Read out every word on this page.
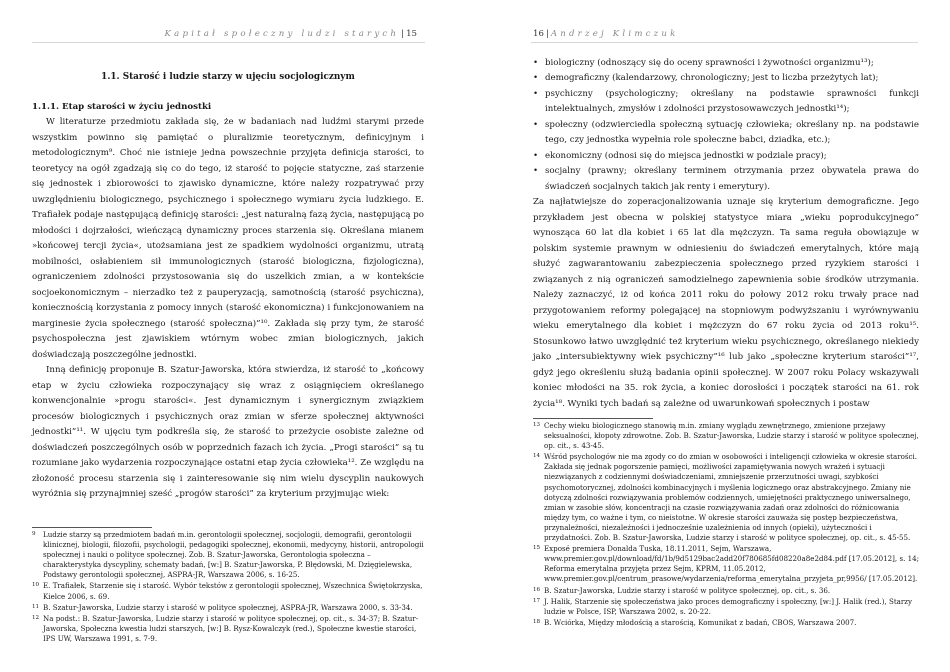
Kapitał społeczny ludzi starych | 15
1.1. Starość i ludzie starzy w ujęciu socjologicznym
1.1.1. Etap starości w życiu jednostki

W literaturze przedmiotu zakłada się, że w badaniach nad ludźmi starymi przede wszystkim powinno się pamiętać o pluralizmie teoretycznym, definicyjnym i metodologicznym⁹. Choć nie istnieje jedna powszechnie przyjęta definicja starości, to teoretycy na ogół zgadzają się co do tego, iż starość to pojęcie statyczne, zaś starzenie się jednostek i zbiorowości to zjawisko dynamiczne, które należy rozpatrywać przy uwzględnieniu biologicznego, psychicznego i społecznego wymiaru życia ludzkiego. E. Trafiałek podaje następującą definicję starości: „jest naturalną fazą życia, następującą po młodości i dojrzałości, wieńczącą dynamiczny proces starzenia się. Określana mianem »końcowej tercji życia«, utożsamiana jest ze spadkiem wydolności organizmu, utratą mobilności, osłabieniem sił immunologicznych (starość biologiczna, fizjologiczna), ograniczeniem zdolności przystosowania się do uszelkich zmian, a w kontekście socjoekonomicznym – nierzadko też z pauperyzacją, samotnością (starość psychiczna), koniecznością korzystania z pomocy innych (starość ekonomiczna) i funkcjonowaniem na marginesie życia społecznego (starość społeczna)”¹⁰. Zakłada się przy tym, że starość psychospołeczna jest zjawiskiem wtórnym wobec zmian biologicznych, jakich doświadczają poszczególne jednostki.

Inną definicję proponuje B. Szatur-Jaworska, która stwierdza, iż starość to „końcowy etap w życiu człowieka rozpoczynający się wraz z osiągnięciem określanego konwencjonalnie »progu starości«. Jest dynamicznym i synergicznym związkiem procesów biologicznych i psychicznych oraz zmian w sferze społecznej aktywności jednostki”¹¹. W ujęciu tym podkreśla się, że starość to przeżycie osobiste zależne od doświadczeń poszczególnych osób w poprzednich fazach ich życia. „Progi starości” są tu rozumiane jako wydarzenia rozpoczynające ostatni etap życia człowieka¹². Ze względu na złożoność procesu starzenia się i zainteresowanie się nim wielu dyscyplin naukowych wyróżnia się przynajmniej sześć „progów starości” za kryterium przyjmując wiek:

9 Ludzie starzy są przedmiotem badań m.in. gerontologii społecznej, socjologii, demografii, gerontologii klinicznej, biologii, filozofii, psychologii, pedagogiki społecznej, ekonomii, medycyny, historii, antropologii społecznej i nauki o polityce społecznej. Zob. B. Szatur-Jaworska, Gerontologia społeczna – charakterystyka dyscypliny, schematy badań, [w:] B. Szatur-Jaworska, P. Błędowski, M. Dzięgielewska, Podstawy gerontologii społecznej, ASPRA-JR, Warszawa 2006, s. 16-25.
10 E. Trafiałek, Starzenie się i starość. Wybór tekstów z gerontologii społecznej, Wszechnica Świętokrzyska, Kielce 2006, s. 69.
11 B. Szatur-Jaworska, Ludzie starzy i starość w polityce społecznej, ASPRA-JR, Warszawa 2000, s. 33-34.
12 Na podst.: B. Szatur-Jaworska, Ludzie starzy i starość w polityce społecznej, op. cit., s. 34-37; B. Szatur-Jaworska, Społeczna kwestia ludzi starszych, [w:] B. Rysz-Kowalczyk (red.), Społeczne kwestie starości, IPS UW, Warszawa 1991, s. 7-9.
16 | Andrzej Klimczuk
• biologiczny (odnoszący się do oceny sprawności i żywotności organizmu¹³);
• demograficzny (kalendarzowy, chronologiczny; jest to liczba przeżytych lat);
• psychiczny (psychologiczny; określany na podstawie sprawności funkcji intelektualnych, zmysłów i zdolności przystosowawczych jednostki¹⁴);
• społeczny (odzwierciedla społeczną sytuację człowieka; określany np. na podstawie tego, czy jednostka wypełnia role społeczne babci, dziadka, etc.);
• ekonomiczny (odnosi się do miejsca jednostki w podziale pracy);
• socjalny (prawny; określany terminem otrzymania przez obywatela prawa do świadczeń socjalnych takich jak renty i emerytury).

Za najłatwiejsze do zoperacjonalizowania uznaje się kryterium demograficzne. Jego przykładem jest obecna w polskiej statystyce miara „wieku poprodukcyjnego” wynosząca 60 lat dla kobiet i 65 lat dla mężczyzn. Ta sama reguła obowiązuje w polskim systemie prawnym w odniesieniu do świadczeń emerytalnych, które mają służyć zagwarantowaniu zabezpieczenia społecznego przed ryzykiem starości i związanych z nią ograniczeń samodzielnego zapewnienia sobie środków utrzymania. Należy zaznaczyć, iż od końca 2011 roku do połowy 2012 roku trwały prace nad przygotowaniem reformy polegającej na stopniowym podwyższaniu i wyrównywaniu wieku emerytalnego dla kobiet i mężczyzn do 67 roku życia od 2013 roku¹⁵. Stosunkowo łatwo uwzględnić też kryterium wieku psychicznego, określanego niekiedy jako „intersubiektywny wiek psychiczny”¹⁶ lub jako „społeczne kryterium starości”¹⁷, gdyż jego określeniu służą badania opinii społecznej. W 2007 roku Polacy wskazywali koniec młodości na 35. rok życia, a koniec dorosłości i początek starości na 61. rok życia¹⁸. Wyniki tych badań są zależne od uwarunkowań społecznych i postaw

13 Cechy wieku biologicznego stanowią m.in. zmiany wyglądu zewnętrznego, zmienione przejawy seksualności, kłopoty zdrowotne. Zob. B. Szatur-Jaworska, Ludzie starzy i starość w polityce społecznej, op. cit., s. 43-45.
14 Wśród psychologów nie ma zgody co do zmian w osobowości i inteligencji człowieka w okresie starości. Zakłada się jednak pogorszenie pamięci, możliwości zapamiętywania nowych wrażeń i sytuacji niezwiązanych z codziennymi doświadczeniami, zmniejszenie przerzutności uwagi, szybkości psychomotorycznej, zdolności kombinacyjnych i myślenia logicznego oraz abstrakcyjnego. Zmiany nie dotyczą zdolności rozwiązywania problemów codziennych, umiejętności praktycznego uniwersalnego, zmian w zasobie słów, koncentracji na czasie rozwiązywania zadań oraz zdolności do różnicowania między tym, co ważne i tym, co nieistotne. W okresie starości zauważa się postęp bezpieczeństwa, przynależności, niezależności i jednocześnie uzależnienia od innych (opieki), użyteczności i przydatności. Zob. B. Szatur-Jaworska, Ludzie starzy i starość w polityce społecznej, op. cit., s. 45-55.
15 Exposé premiera Donalda Tuska, 18.11.2011, Sejm, Warszawa, www.premier.gov.pl/download/fd/1b/9d5129bac2add20f780685fd08220a8e2d84.pdf [17.05.2012], s. 14; Reforma emerytalna przyjęta przez Sejm, KPRM, 11.05.2012, www.premier.gov.pl/centrum_prasowe/wydarzenia/reforma_emerytalna_przyjeta_pr,9956/ [17.05.2012].
16 B. Szatur-Jaworska, Ludzie starzy i starość w polityce społecznej, op. cit., s. 36.
17 J. Halik, Starzenie się społeczeństwa jako proces demograficzny i społeczny, [w:] J. Halik (red.), Starzy ludzie w Polsce, ISP, Warszawa 2002, s. 20-22.
18 B. Wciórka, Między młodością a starością, Komunikat z badań, CBOS, Warszawa 2007.
